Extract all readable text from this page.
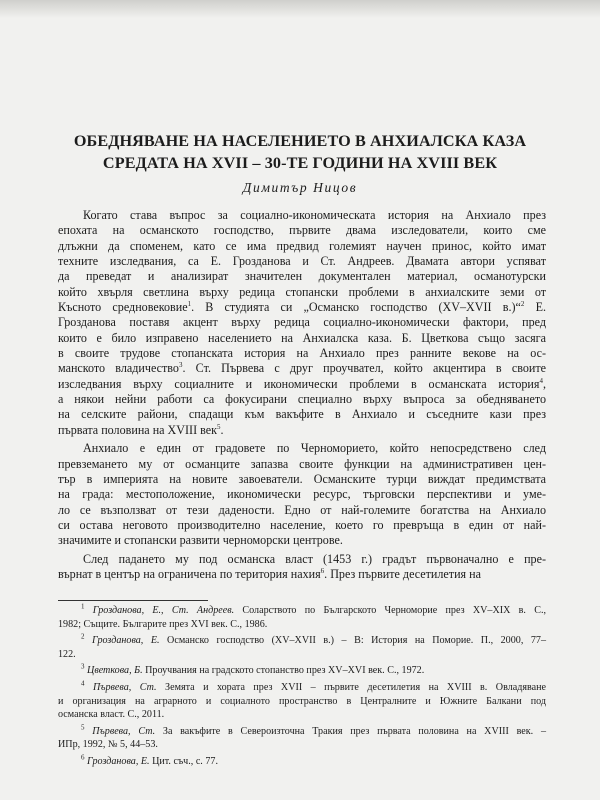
ОБЕДНЯВАНЕ НА НАСЕЛЕНИЕТО В АНХИАЛСКА КАЗА
СРЕДАТА НА XVII – 30-ТЕ ГОДИНИ НА XVIII ВЕК
Димитър Ницов
Когато става въпрос за социално-икономическата история на Анхиало през
епохата на османското господство, първите двама изследователи, които сме
длъжни да споменем, като се има предвид големият научен принос, който имат
техните изследвания, са Е. Грозданова и Ст. Андреев. Двамата автори успяват
да преведат и анализират значителен документален материал, османотурски
който хвърля светлина върху редица стопански проблеми в анхиалските земи от
Късното средновековие$^1$. В студията си „Османско господство (XV–XVII в.)“$^2$ Е.
Грозданова поставя акцент върху редица социално-икономически фактори, пред
които е било изправено населението на Анхиалска каза. Б. Цветкова също засяга
в своите трудове стопанската история на Анхиало през ранните векове на ос-
манското владичество$^3$. Ст. Първева с друг проучвател, който акцентира в своите
изследвания върху социалните и икономически проблеми в османската история$^4$,
а някои нейни работи са фокусирани специално върху въпроса за обедняването
на селските райони, спадащи към вакъфите в Анхиало и съседните кази през
първата половина на XVIII век$^5$.
Анхиало е един от градовете по Черноморието, който непосредствено след
превземането му от османците запазва своите функции на административен цен-
тър в империята на новите завоеватели. Османските турци виждат предимствата
на града: местоположение, икономически ресурс, търговски перспективи и уме-
ло се възползват от тези дадености. Едно от най-големите богатства на Анхиало
си остава неговото производително население, което го превръща в един от най-
значимите и стопански развити черноморски центрове.
След падането му под османска власт (1453 г.) градът първоначално е пре-
върнат в център на ограничена по територия нахия$^6$. През първите десетилетия на
$^1$ Грозданова, Е., Ст. Андреев. Соларството по Българското Черноморие през XV–XIX в. С.,
1982; Същите. Българите през XVI век. С., 1986.
$^2$ Грозданова, Е. Османско господство (XV–XVII в.) – В: История на Поморие. П., 2000, 77–
122.
$^3$ Цветкова, Б. Проучвания на градското стопанство през XV–XVI век. С., 1972.
$^4$ Първева, Ст. Земята и хората през XVII – първите десетилетия на XVIII в. Овладяване
и организация на аграрното и социалното пространство в Централните и Южните Балкани под
османска власт. С., 2011.
$^5$ Първева, Ст. За вакъфите в Североизточна Тракия през първата половина на XVIII век. –
ИПр, 1992, № 5, 44–53.
$^6$ Грозданова, Е. Цит. съч., с. 77.
